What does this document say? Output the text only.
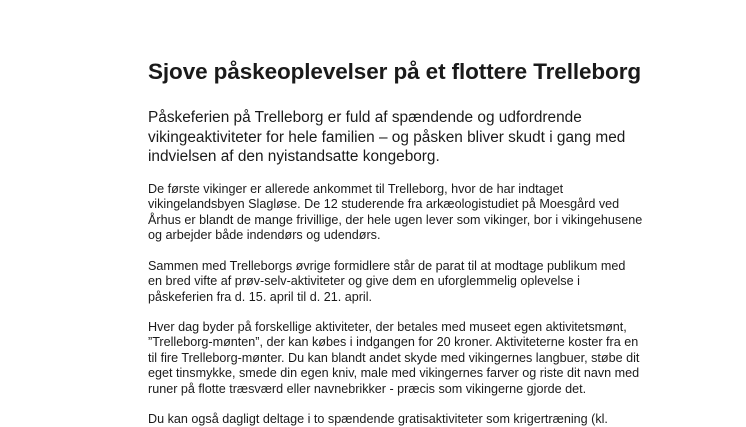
Sjove påskeoplevelser på et flottere Trelleborg

Påskeferien på Trelleborg er fuld af spændende og udfordrende
vikingeaktiviteter for hele familien – og påsken bliver skudt i gang med
indvielsen af den nyistandsatte kongeborg.

De første vikinger er allerede ankommet til Trelleborg, hvor de har indtaget
vikingelandsbyen Slagløse. De 12 studerende fra arkæologistudiet på Moesgård ved
Århus er blandt de mange frivillige, der hele ugen lever som vikinger, bor i vikingehusene
og arbejder både indendørs og udendørs.

Sammen med Trelleborgs øvrige formidlere står de parat til at modtage publikum med
en bred vifte af prøv-selv-aktiviteter og give dem en uforglemmelig oplevelse i
påskeferien fra d. 15. april til d. 21. april.

Hver dag byder på forskellige aktiviteter, der betales med museet egen aktivitetsmønt,
”Trelleborg-mønten”, der kan købes i indgangen for 20 kroner. Aktiviteterne koster fra en
til fire Trelleborg-mønter. Du kan blandt andet skyde med vikingernes langbuer, støbe dit
eget tinsmykke, smede din egen kniv, male med vikingernes farver og riste dit navn med
runer på flotte træsværd eller navnebrikker - præcis som vikingerne gjorde det.

Du kan også dagligt deltage i to spændende gratisaktiviteter som krigertræning (kl.
